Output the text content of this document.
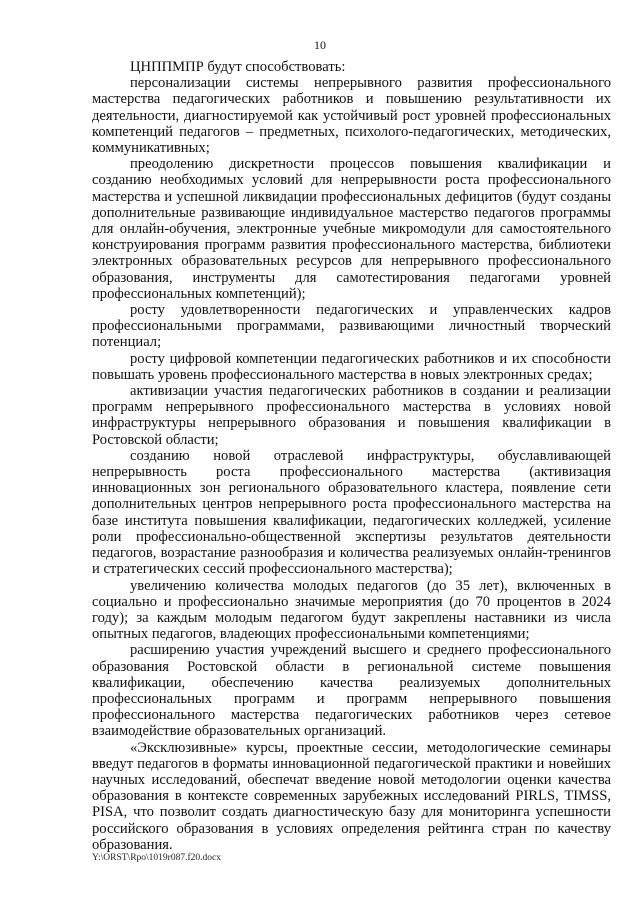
10

ЦНППМПР будут способствовать:

персонализации системы непрерывного развития профессионального мастерства педагогических работников и повышению результативности их деятельности, диагностируемой как устойчивый рост уровней профессиональных компетенций педагогов – предметных, психолого-педагогических, методических, коммуникативных;

преодолению дискретности процессов повышения квалификации и созданию необходимых условий для непрерывности роста профессионального мастерства и успешной ликвидации профессиональных дефицитов (будут созданы дополнительные развивающие индивидуальное мастерство педагогов программы для онлайн-обучения, электронные учебные микромодули для самостоятельного конструирования программ развития профессионального мастерства, библиотеки электронных образовательных ресурсов для непрерывного профессионального образования, инструменты для самотестирования педагогами уровней профессиональных компетенций);

росту удовлетворенности педагогических и управленческих кадров профессиональными программами, развивающими личностный творческий потенциал;

росту цифровой компетенции педагогических работников и их способности повышать уровень профессионального мастерства в новых электронных средах;

активизации участия педагогических работников в создании и реализации программ непрерывного профессионального мастерства в условиях новой инфраструктуры непрерывного образования и повышения квалификации в Ростовской области;

созданию новой отраслевой инфраструктуры, обуславливающей непрерывность роста профессионального мастерства (активизация инновационных зон регионального образовательного кластера, появление сети дополнительных центров непрерывного роста профессионального мастерства на базе института повышения квалификации, педагогических колледжей, усиление роли профессионально-общественной экспертизы результатов деятельности педагогов, возрастание разнообразия и количества реализуемых онлайн-тренингов и стратегических сессий профессионального мастерства);

увеличению количества молодых педагогов (до 35 лет), включенных в социально и профессионально значимые мероприятия (до 70 процентов в 2024 году); за каждым молодым педагогом будут закреплены наставники из числа опытных педагогов, владеющих профессиональными компетенциями;

расширению участия учреждений высшего и среднего профессионального образования Ростовской области в региональной системе повышения квалификации, обеспечению качества реализуемых дополнительных профессиональных программ и программ непрерывного повышения профессионального мастерства педагогических работников через сетевое взаимодействие образовательных организаций.

«Эксклюзивные» курсы, проектные сессии, методологические семинары введут педагогов в форматы инновационной педагогической практики и новейших научных исследований, обеспечат введение новой методологии оценки качества образования в контексте современных зарубежных исследований PIRLS, TIMSS, PISA, что позволит создать диагностическую базу для мониторинга успешности российского образования в условиях определения рейтинга стран по качеству образования.

Y:\ORST\Rpo\1019r087.f20.docx
